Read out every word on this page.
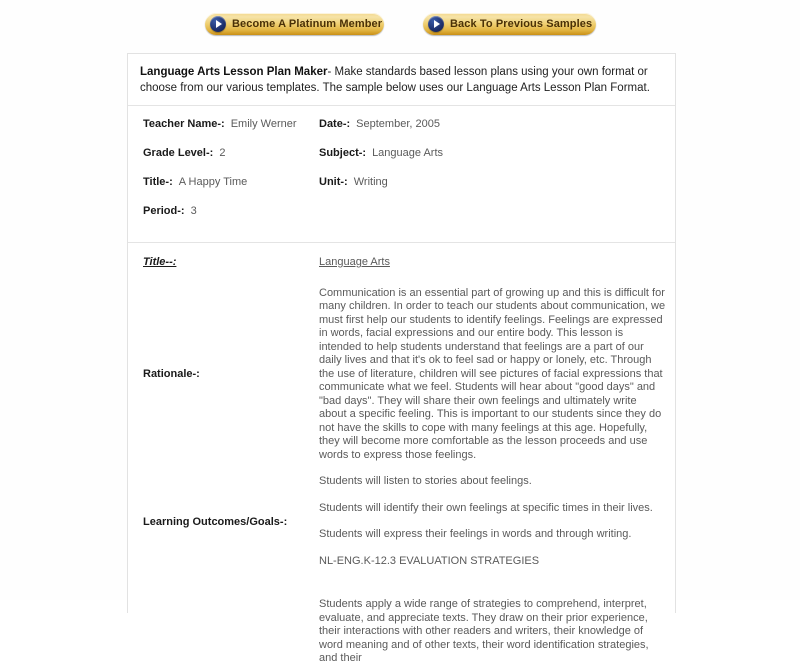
Become A Platinum Member	Back To Previous Samples
Language Arts Lesson Plan Maker- Make standards based lesson plans using your own format or choose from our various templates. The sample below uses our Language Arts Lesson Plan Format.
Teacher Name-: Emily Werner Date-: September, 2005
Grade Level-: 2	Subject-: Language Arts
Title-: A Happy Time	Unit-: Writing
Period-: 3
Title--:	Language Arts

Rationale-:

Communication is an essential part of growing up and this is difficult for many children. In order to teach our students about communication, we must first help our students to identify feelings. Feelings are expressed in words, facial expressions and our entire body. This lesson is intended to help students understand that feelings are a part of our daily lives and that it's ok to feel sad or happy or lonely, etc. Through the use of literature, children will see pictures of facial expressions that communicate what we feel. Students will hear about "good days" and "bad days". They will share their own feelings and ultimately write about a specific feeling. This is important to our students since they do not have the skills to cope with many feelings at this age. Hopefully, they will become more comfortable as the lesson proceeds and use words to express those feelings.

Learning Outcomes/Goals-:

Students will listen to stories about feelings.

Students will identify their own feelings at specific times in their lives.

Students will express their feelings in words and through writing.

NL-ENG.K-12.3 EVALUATION STRATEGIES

Students apply a wide range of strategies to comprehend, interpret, evaluate, and appreciate texts. They draw on their prior experience, their interactions with other readers and writers, their knowledge of word meaning and of other texts, their word identification strategies, and their
